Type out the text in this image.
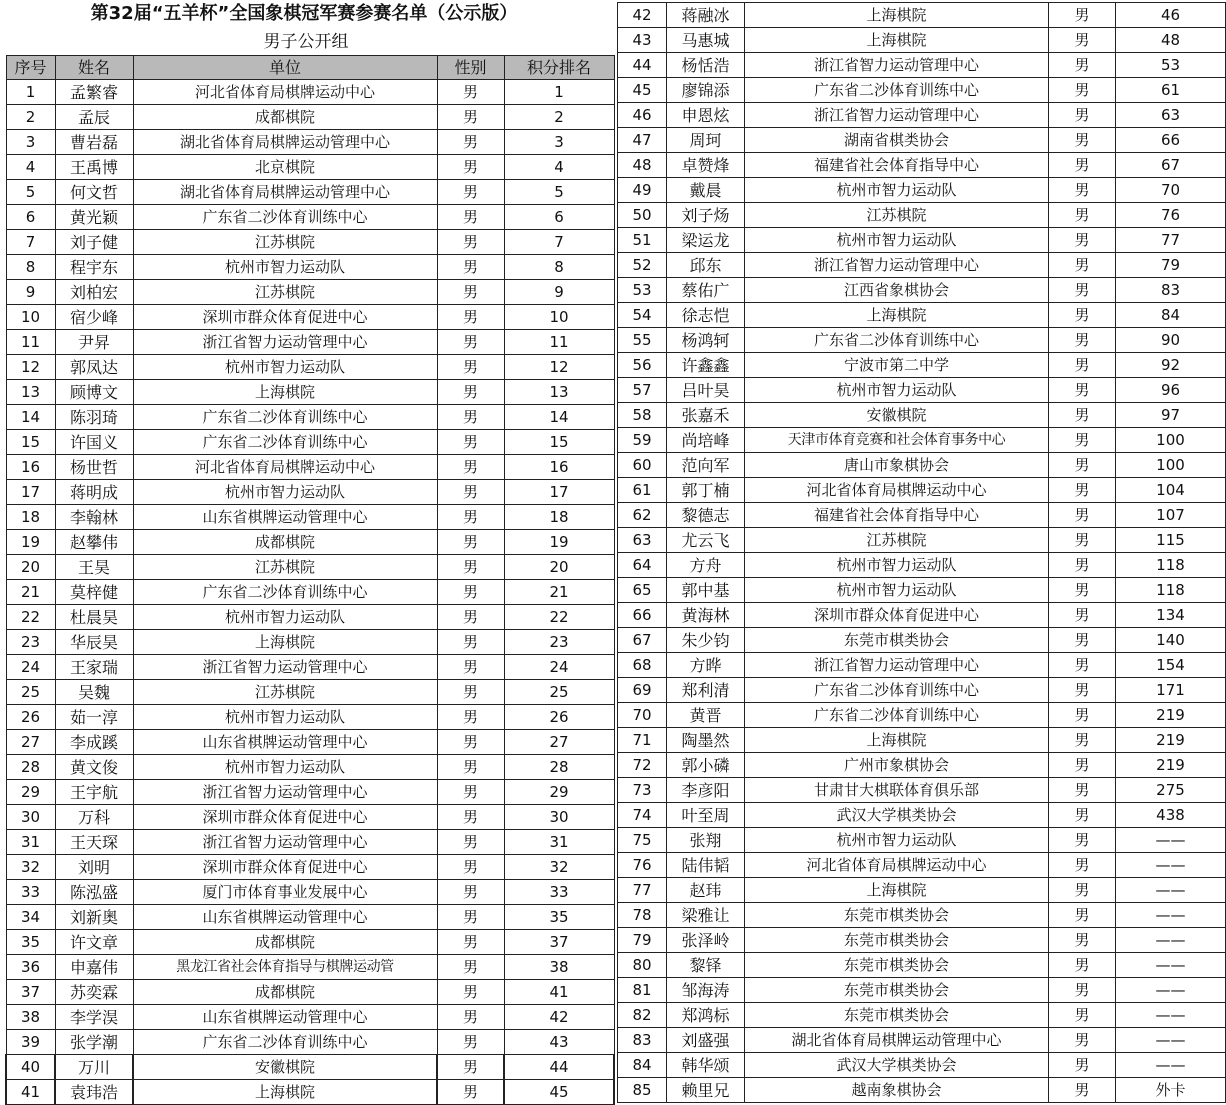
第32届“五羊杯”全国象棋冠军赛参赛名单（公示版）
男子公开组
序号	姓名	单位	性别	积分排名
1	孟繁睿	河北省体育局棋牌运动中心	男	1
2	孟辰	成都棋院	男	2
3	曹岩磊	湖北省体育局棋牌运动管理中心	男	3
4	王禹博	北京棋院	男	4
5	何文哲	湖北省体育局棋牌运动管理中心	男	5
6	黄光颖	广东省二沙体育训练中心	男	6
7	刘子健	江苏棋院	男	7
8	程宇东	杭州市智力运动队	男	8
9	刘柏宏	江苏棋院	男	9
10	宿少峰	深圳市群众体育促进中心	男	10
11	尹昇	浙江省智力运动管理中心	男	11
12	郭凤达	杭州市智力运动队	男	12
13	顾博文	上海棋院	男	13
14	陈羽琦	广东省二沙体育训练中心	男	14
15	许国义	广东省二沙体育训练中心	男	15
16	杨世哲	河北省体育局棋牌运动中心	男	16
17	蒋明成	杭州市智力运动队	男	17
18	李翰林	山东省棋牌运动管理中心	男	18
19	赵攀伟	成都棋院	男	19
20	王昊	江苏棋院	男	20
21	莫梓健	广东省二沙体育训练中心	男	21
22	杜晨昊	杭州市智力运动队	男	22
23	华辰昊	上海棋院	男	23
24	王家瑞	浙江省智力运动管理中心	男	24
25	吴魏	江苏棋院	男	25
26	茹一淳	杭州市智力运动队	男	26
27	李成蹊	山东省棋牌运动管理中心	男	27
28	黄文俊	杭州市智力运动队	男	28
29	王宇航	浙江省智力运动管理中心	男	29
30	万科	深圳市群众体育促进中心	男	30
31	王天琛	浙江省智力运动管理中心	男	31
32	刘明	深圳市群众体育促进中心	男	32
33	陈泓盛	厦门市体育事业发展中心	男	33
34	刘新奥	山东省棋牌运动管理中心	男	35
35	许文章	成都棋院	男	37
36	申嘉伟	黑龙江省社会体育指导与棋牌运动管	男	38
37	苏奕霖	成都棋院	男	41
38	李学淏	山东省棋牌运动管理中心	男	42
39	张学潮	广东省二沙体育训练中心	男	43
40	万川	安徽棋院	男	44
41	袁玮浩	上海棋院	男	45
42	蒋融冰	上海棋院	男	46
43	马惠城	上海棋院	男	48
44	杨恬浩	浙江省智力运动管理中心	男	53
45	廖锦添	广东省二沙体育训练中心	男	61
46	申恩炫	浙江省智力运动管理中心	男	63
47	周珂	湖南省棋类协会	男	66
48	卓赞烽	福建省社会体育指导中心	男	67
49	戴晨	杭州市智力运动队	男	70
50	刘子炀	江苏棋院	男	76
51	梁运龙	杭州市智力运动队	男	77
52	邱东	浙江省智力运动管理中心	男	79
53	蔡佑广	江西省象棋协会	男	83
54	徐志恺	上海棋院	男	84
55	杨鸿轲	广东省二沙体育训练中心	男	90
56	许鑫鑫	宁波市第二中学	男	92
57	吕叶昊	杭州市智力运动队	男	96
58	张嘉禾	安徽棋院	男	97
59	尚培峰	天津市体育竞赛和社会体育事务中心	男	100
60	范向军	唐山市象棋协会	男	100
61	郭丁楠	河北省体育局棋牌运动中心	男	104
62	黎德志	福建省社会体育指导中心	男	107
63	尤云飞	江苏棋院	男	115
64	方舟	杭州市智力运动队	男	118
65	郭中基	杭州市智力运动队	男	118
66	黄海林	深圳市群众体育促进中心	男	134
67	朱少钧	东莞市棋类协会	男	140
68	方晔	浙江省智力运动管理中心	男	154
69	郑利清	广东省二沙体育训练中心	男	171
70	黄晋	广东省二沙体育训练中心	男	219
71	陶墨然	上海棋院	男	219
72	郭小磷	广州市象棋协会	男	219
73	李彦阳	甘肃甘大棋联体育俱乐部	男	275
74	叶至周	武汉大学棋类协会	男	438
75	张翔	杭州市智力运动队	男	——
76	陆伟韬	河北省体育局棋牌运动中心	男	——
77	赵玮	上海棋院	男	——
78	梁雅让	东莞市棋类协会	男	——
79	张泽岭	东莞市棋类协会	男	——
80	黎铎	东莞市棋类协会	男	——
81	邹海涛	东莞市棋类协会	男	——
82	郑鸿标	东莞市棋类协会	男	——
83	刘盛强	湖北省体育局棋牌运动管理中心	男	——
84	韩华颂	武汉大学棋类协会	男	——
85	赖里兄	越南象棋协会	男	外卡
